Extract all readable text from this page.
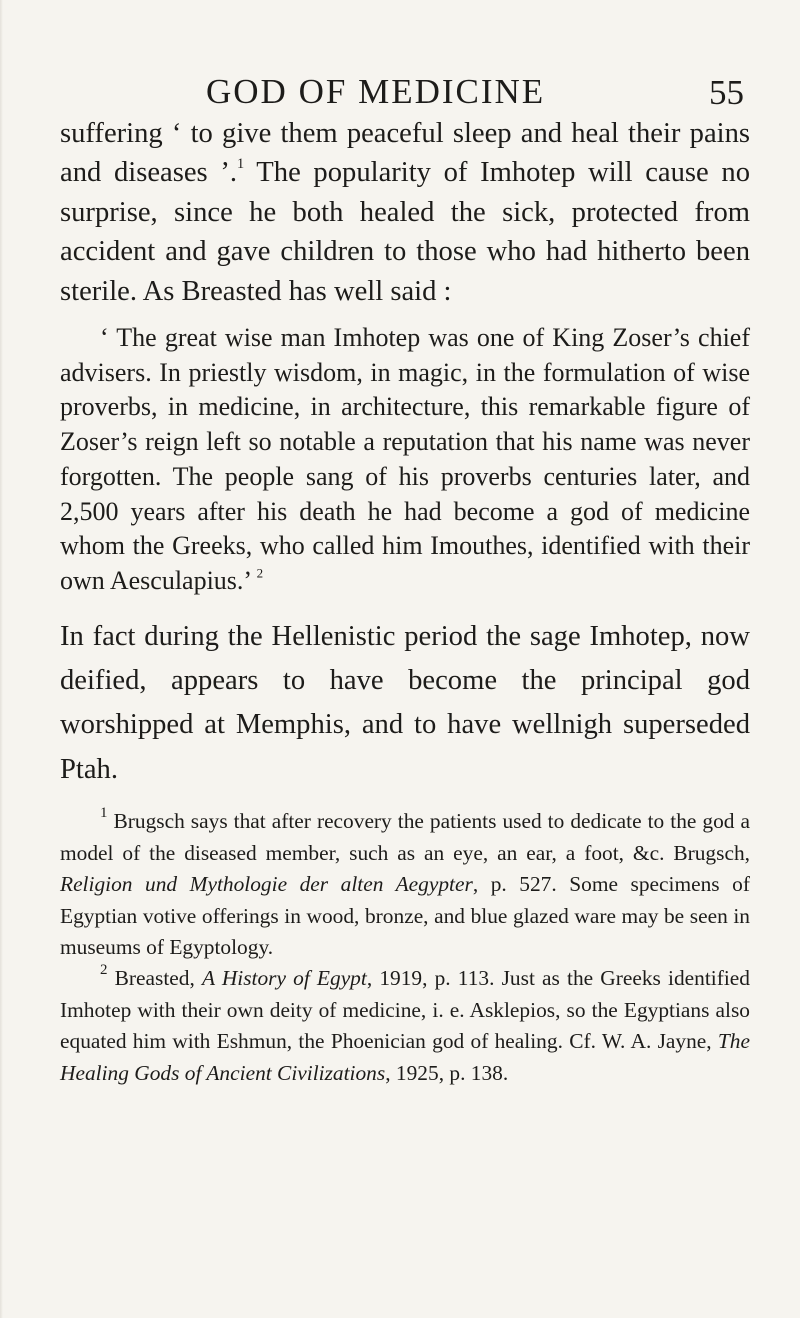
GOD OF MEDICINE	55

suffering ‘ to give them peaceful sleep and heal their pains and diseases ’.$^1$ The popularity of Imhotep will cause no surprise, since he both healed the sick, protected from accident and gave children to those who had hitherto been sterile. As Breasted has well said :

‘ The great wise man Imhotep was one of King Zoser’s chief advisers. In priestly wisdom, in magic, in the formulation of wise proverbs, in medicine, in architecture, this remarkable figure of Zoser’s reign left so notable a reputation that his name was never forgotten. The people sang of his proverbs centuries later, and 2,500 years after his death he had become a god of medicine whom the Greeks, who called him Imouthes, identified with their own Aesculapius.’ $^2$

In fact during the Hellenistic period the sage Imhotep, now deified, appears to have become the principal god worshipped at Memphis, and to have wellnigh superseded Ptah.

$^1$ Brugsch says that after recovery the patients used to dedicate to the god a model of the diseased member, such as an eye, an ear, a foot, &c. Brugsch, Religion und Mythologie der alten Aegypter, p. 527. Some specimens of Egyptian votive offerings in wood, bronze, and blue glazed ware may be seen in museums of Egyptology.

$^2$ Breasted, A History of Egypt, 1919, p. 113. Just as the Greeks identified Imhotep with their own deity of medicine, i. e. Asklepios, so the Egyptians also equated him with Eshmun, the Phoenician god of healing. Cf. W. A. Jayne, The Healing Gods of Ancient Civilizations, 1925, p. 138.
